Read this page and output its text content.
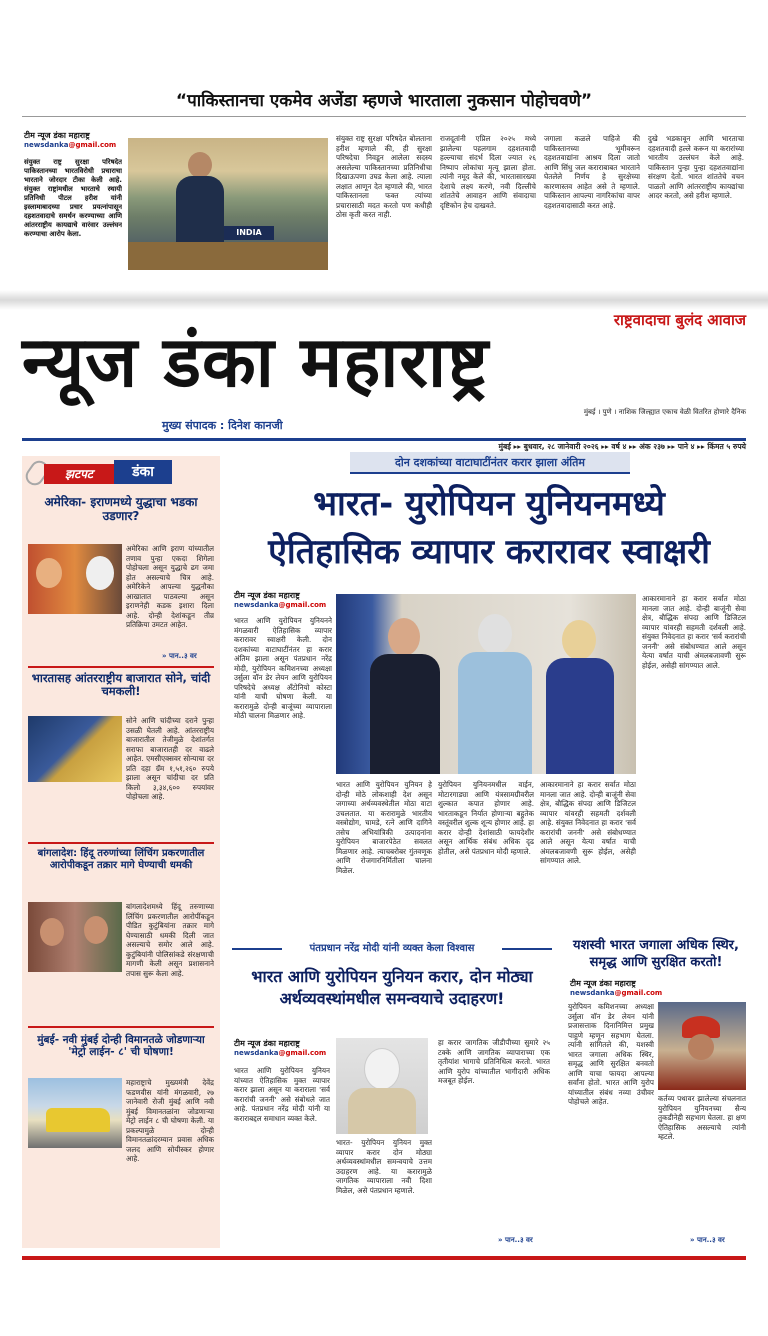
“पाकिस्तानचा एकमेव अजेंडा म्हणजे भारताला नुकसान पोहोचवणे”
टीम न्यूज डंका महाराष्ट्र
newsdanka@gmail.com
संयुक्त राष्ट्र सुरक्षा परिषदेत पाकिस्तानच्या भारतविरोधी प्रचाराचा भारताने जोरदार टीका केली आहे. संयुक्त राष्ट्रांमधील भारताचे स्थायी प्रतिनिधी पीटल हरीश यांनी इस्लामाबादच्या प्रचार प्रयत्नांपासून दहशतवादाचे समर्थन करण्याच्या आणि आंतरराष्ट्रीय कायद्याचे वारंवार उल्लंघन करण्याचा आरोप केला.	INDIA
संयुक्त राष्ट्र सुरक्षा परिषदेत बोलताना हरीश म्हणाले की, ही सुरक्षा परिषदेचा निवडून आलेला सदस्य असलेल्या पाकिस्तानच्या प्रतिनिधीचा दिखाऊपणा उघड केला आहे. त्याला लक्षात आणून देत म्हणाले की, भारत पाकिस्तानला फक्त त्यांच्या प्रचारासाठी मदत करतो पण कधीही ठोस कृती करत नाही.
राजदूतांनी एप्रिल २०२५ मध्ये झालेल्या पहलगाम दहशतवादी हल्ल्याचा संदर्भ दिला ज्यात २६ निष्पाप लोकांचा मृत्यू झाला होता. त्यांनी नमूद केले की, भारतासारख्या देशाचे लक्ष्य करणे, नवी दिल्लीचे शांततेचे आवाहन आणि संवादाचा दृष्टिकोन हेच दाखवते.
जगाला कळले पाहिजे की पाकिस्तानच्या भूमीवरून दहशतवाद्यांना आश्रय दिला जातो आणि सिंधु जल कराराबाबत भारताने घेतलेले निर्णय हे सुरक्षेच्या कारणास्तव आहेत असे ते म्हणाले. पाकिस्तान आपल्या नागरिकांचा वापर दहशतवादासाठी करत आहे.
दुखे भडकावून आणि भारताचा दहशतवादी हल्ले करून या करारांच्या भारतीय उल्लंघन केले आहे. पाकिस्तान पुन्हा पुन्हा दहशतवाद्यांना संरक्षण देतो. भारत शांततेचे वचन पाळतो आणि आंतरराष्ट्रीय कायद्यांचा आदर करतो, असे हरीश म्हणाले.
राष्ट्रवादाचा बुलंद आवाज
न्यूज डंका महाराष्ट्र
मुख्य संपादक : दिनेश कानजी
मुंबई । पुणे । नाशिक जिल्ह्यात एकाच वेळी वितरित होणारे दैनिक
मुंबई ▸▸ बुधवार, २८ जानेवारी २०२६ ▸▸ वर्ष ४ ▸▸ अंक २३७ ▸▸ पाने ४ ▸▸ किंमत ५ रुपये
झटपट	डंका
अमेरिका- इराणमध्ये युद्धाचा भडका उडणार?
अमेरिका आणि इराण यांच्यातील तणाव पुन्हा एकदा शिगेला पोहोचला असून युद्धाचे ढग जमा होत असल्याचे चित्र आहे. अमेरिकेने आपल्या युद्धनौका आखातात पाठवल्या असून इराणनेही कडक इशारा दिला आहे. दोन्ही देशांकडून तीव्र प्रतिक्रिया उमटत आहेत.
» पान..३ वर
भारतासह आंतरराष्ट्रीय बाजारात सोने, चांदी चमकली!
सोने आणि चांदीच्या दराने पुन्हा उसळी घेतली आहे. आंतरराष्ट्रीय बाजारातील तेजीमुळे देशांतर्गत सराफा बाजारातही दर वाढले आहेत. एमसीएक्सवर सोन्याचा दर प्रति दहा ग्रॅम १,५१,२६० रुपये झाला असून चांदीचा दर प्रति किलो ३,३४,६०० रुपयांवर पोहोचला आहे.
बांगलादेश: हिंदू तरुणांच्या लिंचिंग प्रकरणातील आरोपीकडून तक्रार मागे घेण्याची धमकी
बांगलादेशमध्ये हिंदू तरुणाच्या लिंचिंग प्रकरणातील आरोपींकडून पीडित कुटुंबियांना तक्रार मागे घेण्यासाठी धमकी दिली जात असल्याचे समोर आले आहे. कुटुंबियांनी पोलिसांकडे संरक्षणाची मागणी केली असून प्रशासनाने तपास सुरू केला आहे.
मुंबई- नवी मुंबई दोन्ही विमानतळे जोडणाऱ्या 'मेट्रो लाईन- ८' ची घोषणा!
महाराष्ट्राचे मुख्यमंत्री देवेंद्र फडणवीस यांनी मंगळवारी, २७ जानेवारी रोजी मुंबई आणि नवी मुंबई विमानतळांना जोडणाऱ्या मेट्रो लाईन ८ ची घोषणा केली. या प्रकल्पामुळे दोन्ही विमानतळांदरम्यान प्रवास अधिक जलद आणि सोयीस्कर होणार आहे.
दोन दशकांच्या वाटाघाटींनंतर करार झाला अंतिम
भारत- युरोपियन युनियनमध्ये
ऐतिहासिक व्यापार करारावर स्वाक्षरी
टीम न्यूज डंका महाराष्ट्र
newsdanka@gmail.com
भारत आणि युरोपियन युनियनने मंगळवारी ऐतिहासिक व्यापार करारावर स्वाक्षरी केली. दोन दशकांच्या वाटाघाटींनंतर हा करार अंतिम झाला असून पंतप्रधान नरेंद्र मोदी, युरोपियन कमिशनच्या अध्यक्षा उर्सुला वॉन डेर लेयन आणि युरोपियन परिषदेचे अध्यक्ष अँटोनियो कोस्टा यांनी याची घोषणा केली. या करारामुळे दोन्ही बाजूंच्या व्यापाराला मोठी चालना मिळणार आहे.
भारत आणि युरोपियन युनियन हे दोन्ही मोठे लोकशाही देश असून जगाच्या अर्थव्यवस्थेतील मोठा वाटा उचलतात. या करारामुळे भारतीय वस्त्रोद्योग, चामडे, रत्ने आणि दागिने तसेच अभियांत्रिकी उत्पादनांना युरोपियन बाजारपेठेत सवलत मिळणार आहे. त्याचबरोबर गुंतवणूक आणि रोजगारनिर्मितीला चालना मिळेल.
युरोपियन युनियनमधील वाईन, मोटारगाड्या आणि यंत्रसामग्रीवरील शुल्कात कपात होणार आहे. भारताकडून निर्यात होणाऱ्या बहुतेक वस्तूंवरील शुल्क शून्य होणार आहे. हा करार दोन्ही देशांसाठी फायदेशीर असून आर्थिक संबंध अधिक दृढ होतील, असे पंतप्रधान मोदी म्हणाले.
आकारमानाने हा करार सर्वात मोठा मानला जात आहे. दोन्ही बाजूंनी सेवा क्षेत्र, बौद्धिक संपदा आणि डिजिटल व्यापार यांवरही सहमती दर्शवली आहे. संयुक्त निवेदनात हा करार 'सर्व करारांची जननी' असे संबोधण्यात आले असून येत्या वर्षात याची अंमलबजावणी सुरू होईल, असेही सांगण्यात आले.
आकारमानाने हा करार सर्वात मोठा मानला जात आहे. दोन्ही बाजूंनी सेवा क्षेत्र, बौद्धिक संपदा आणि डिजिटल व्यापार यांवरही सहमती दर्शवली आहे. संयुक्त निवेदनात हा करार 'सर्व करारांची जननी' असे संबोधण्यात आले असून येत्या वर्षात याची अंमलबजावणी सुरू होईल, असेही सांगण्यात आले.
पंतप्रधान नरेंद्र मोदी यांनी व्यक्त केला विश्वास
भारत आणि युरोपियन युनियन करार, दोन मोठ्या अर्थव्यवस्थांमधील समन्वयाचे उदाहरण!
टीम न्यूज डंका महाराष्ट्र
newsdanka@gmail.com
भारत आणि युरोपियन युनियन यांच्यात ऐतिहासिक मुक्त व्यापार करार झाला असून या कराराला 'सर्व करारांची जननी' असे संबोधले जात आहे. पंतप्रधान नरेंद्र मोदी यांनी या कराराबद्दल समाधान व्यक्त केले.
भारत- युरोपियन युनियन मुक्त व्यापार करार दोन मोठ्या अर्थव्यवस्थांमधील समन्वयाचे उत्तम उदाहरण आहे. या करारामुळे जागतिक व्यापाराला नवी दिशा मिळेल, असे पंतप्रधान म्हणाले.
हा करार जागतिक जीडीपीच्या सुमारे २५ टक्के आणि जागतिक व्यापाराच्या एक तृतीयांश भागाचे प्रतिनिधित्व करतो. भारत आणि युरोप यांच्यातील भागीदारी अधिक मजबूत होईल.
» पान..३ वर
यशस्वी भारत जगाला अधिक स्थिर, समृद्ध आणि सुरक्षित करतो!
टीम न्यूज डंका महाराष्ट्र
newsdanka@gmail.com
युरोपियन कमिशनच्या अध्यक्षा उर्सुला वॉन डेर लेयन यांनी प्रजासत्ताक दिनानिमित्त प्रमुख पाहुणे म्हणून सहभाग घेतला. त्यांनी सांगितले की, यशस्वी भारत जगाला अधिक स्थिर, समृद्ध आणि सुरक्षित बनवतो आणि याचा फायदा आपल्या सर्वांना होतो. भारत आणि युरोप यांच्यातील संबंध नव्या उंचीवर पोहोचले आहेत.	कर्तव्य पथावर झालेल्या संचलनात युरोपियन युनियनच्या सैन्य तुकडीनेही सहभाग घेतला. हा क्षण ऐतिहासिक असल्याचे त्यांनी म्हटले.
» पान..३ वर
